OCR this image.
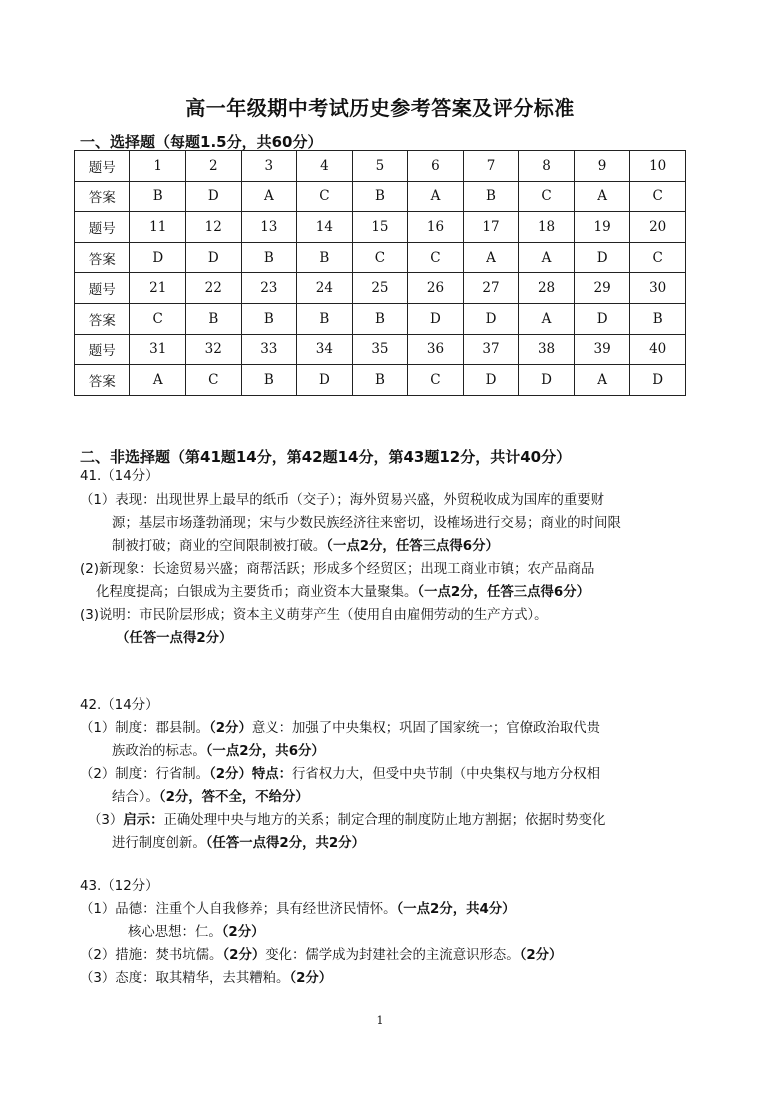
高一年级期中考试历史参考答案及评分标准
一、选择题（每题1.5分，共60分）
题号	1	2	3	4	5	6	7	8	9	10
答案	B	D	A	C	B	A	B	C	A	C
题号	11	12	13	14	15	16	17	18	19	20
答案	D	D	B	B	C	C	A	A	D	C
题号	21	22	23	24	25	26	27	28	29	30
答案	C	B	B	B	B	D	D	A	D	B
题号	31	32	33	34	35	36	37	38	39	40
答案	A	C	B	D	B	C	D	D	A	D
二、非选择题（第41题14分，第42题14分，第43题12分，共计40分）
41.（14分）
（1）表现：出现世界上最早的纸币（交子）；海外贸易兴盛，外贸税收成为国库的重要财
源；基层市场蓬勃涌现；宋与少数民族经济往来密切，设榷场进行交易；商业的时间限
制被打破；商业的空间限制被打破。（一点2分，任答三点得6分）
(2)新现象：长途贸易兴盛；商帮活跃；形成多个经贸区；出现工商业市镇；农产品商品
化程度提高；白银成为主要货币；商业资本大量聚集。（一点2分，任答三点得6分）
(3)说明：市民阶层形成；资本主义萌芽产生（使用自由雇佣劳动的生产方式）。
（任答一点得2分）
42.（14分）
（1）制度：郡县制。（2分）意义：加强了中央集权；巩固了国家统一；官僚政治取代贵
族政治的标志。（一点2分，共6分）
（2）制度：行省制。（2分）特点：行省权力大，但受中央节制（中央集权与地方分权相
结合）。（2分，答不全，不给分）
（3）启示：正确处理中央与地方的关系；制定合理的制度防止地方割据；依据时势变化
进行制度创新。（任答一点得2分，共2分）
43.（12分）
（1）品德：注重个人自我修养；具有经世济民情怀。（一点2分，共4分）
核心思想：仁。（2分）
（2）措施：焚书坑儒。（2分）变化：儒学成为封建社会的主流意识形态。（2分）
（3）态度：取其精华，去其糟粕。（2分）
1
